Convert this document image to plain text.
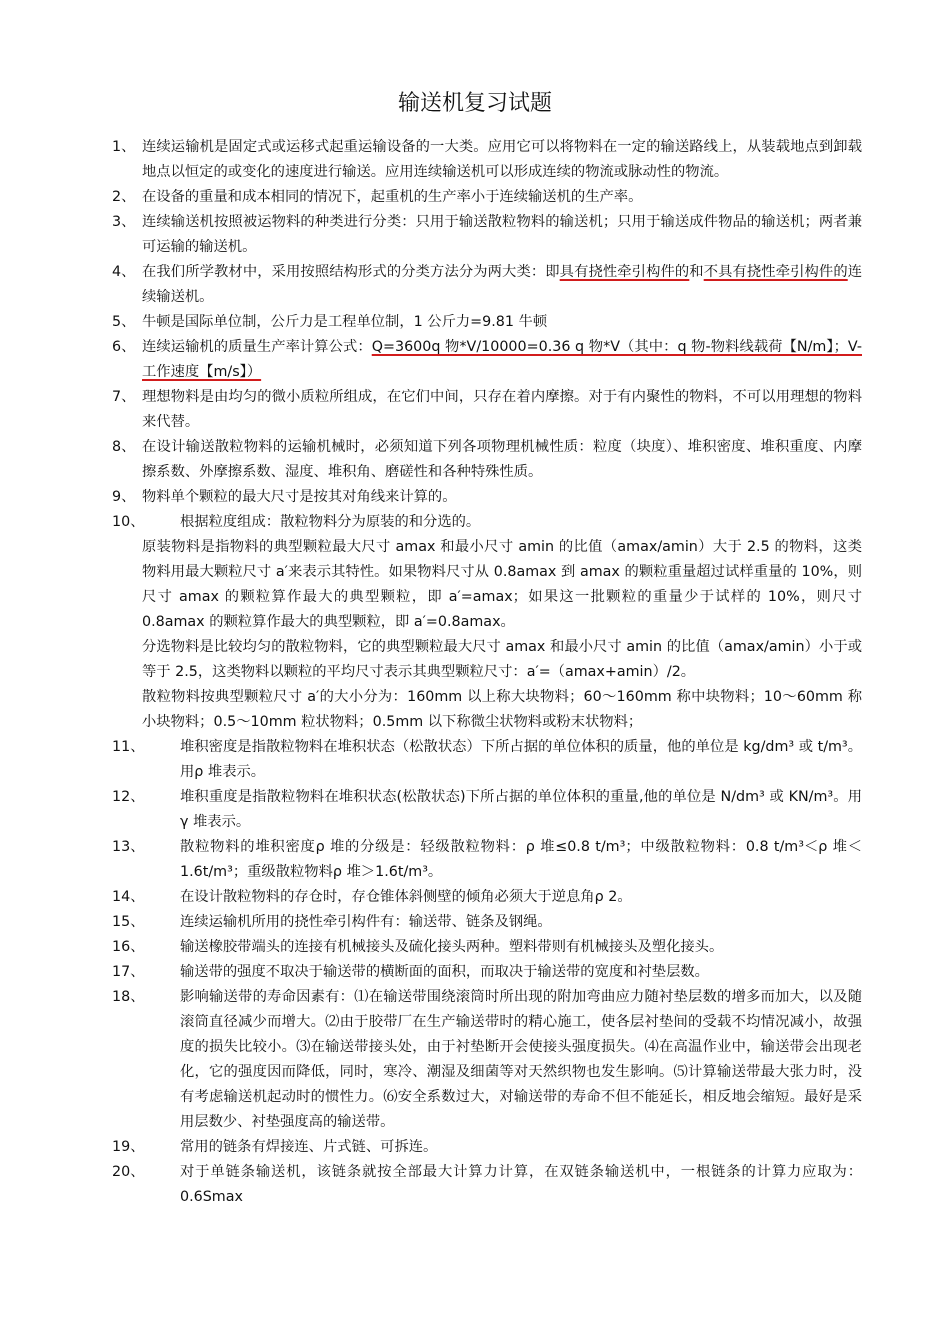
输送机复习试题
1、 连续运输机是固定式或运移式起重运输设备的一大类。应用它可以将物料在一定的输送路线上，从装载地点到卸载地点以恒定的或变化的速度进行输送。应用连续输送机可以形成连续的物流或脉动性的物流。
2、 在设备的重量和成本相同的情况下，起重机的生产率小于连续输送机的生产率。
3、 连续输送机按照被运物料的种类进行分类：只用于输送散粒物料的输送机；只用于输送成件物品的输送机；两者兼可运输的输送机。
4、 在我们所学教材中，采用按照结构形式的分类方法分为两大类：即具有挠性牵引构件的和不具有挠性牵引构件的连续输送机。
5、 牛顿是国际单位制，公斤力是工程单位制，1 公斤力=9.81 牛顿
6、 连续运输机的质量生产率计算公式：Q=3600q 物*V/10000=0.36 q 物*V（其中：q 物-物料线载荷【N/m】；V-工作速度【m/s】）
7、 理想物料是由均匀的微小质粒所组成，在它们中间，只存在着内摩擦。对于有内聚性的物料，不可以用理想的物料来代替。
8、 在设计输送散粒物料的运输机械时，必须知道下列各项物理机械性质：粒度（块度）、堆积密度、堆积重度、内摩擦系数、外摩擦系数、湿度、堆积角、磨磋性和各种特殊性质。
9、 物料单个颗粒的最大尺寸是按其对角线来计算的。
10、	根据粒度组成：散粒物料分为原装的和分选的。
原装物料是指物料的典型颗粒最大尺寸 amax 和最小尺寸 amin 的比值（amax/amin）大于 2.5 的物料，这类物料用最大颗粒尺寸 a′来表示其特性。如果物料尺寸从 0.8amax 到 amax 的颗粒重量超过试样重量的 10%，则尺寸 amax 的颗粒算作最大的典型颗粒，即 a′=amax；如果这一批颗粒的重量少于试样的 10%，则尺寸 0.8amax 的颗粒算作最大的典型颗粒，即 a′=0.8amax。
分选物料是比较均匀的散粒物料，它的典型颗粒最大尺寸 amax 和最小尺寸 amin 的比值（amax/amin）小于或等于 2.5，这类物料以颗粒的平均尺寸表示其典型颗粒尺寸：a′=（amax+amin）/2。
散粒物料按典型颗粒尺寸 a′的大小分为：160mm 以上称大块物料；60～160mm 称中块物料；10～60mm 称小块物料；0.5～10mm 粒状物料；0.5mm 以下称微尘状物料或粉末状物料；
11、	堆积密度是指散粒物料在堆积状态（松散状态）下所占据的单位体积的质量，他的单位是 kg/dm³ 或 t/m³。用ρ 堆表示。
12、	堆积重度是指散粒物料在堆积状态(松散状态)下所占据的单位体积的重量,他的单位是 N/dm³ 或 KN/m³。用γ 堆表示。
13、	散粒物料的堆积密度ρ 堆的分级是：轻级散粒物料：ρ 堆≤0.8 t/m³；中级散粒物料：0.8 t/m³＜ρ 堆＜1.6t/m³；重级散粒物料ρ 堆＞1.6t/m³。
14、	在设计散粒物料的存仓时，存仓锥体斜侧壁的倾角必须大于逆息角ρ 2。
15、	连续运输机所用的挠性牵引构件有：输送带、链条及钢绳。
16、	输送橡胶带端头的连接有机械接头及硫化接头两种。塑料带则有机械接头及塑化接头。
17、	输送带的强度不取决于输送带的横断面的面积，而取决于输送带的宽度和衬垫层数。
18、	影响输送带的寿命因素有：⑴在输送带围绕滚筒时所出现的附加弯曲应力随衬垫层数的增多而加大，以及随滚筒直径减少而增大。⑵由于胶带厂在生产输送带时的精心施工，使各层衬垫间的受载不均情况减小，故强度的损失比较小。⑶在输送带接头处，由于衬垫断开会使接头强度损失。⑷在高温作业中，输送带会出现老化，它的强度因而降低，同时，寒冷、潮湿及细菌等对天然织物也发生影响。⑸计算输送带最大张力时，没有考虑输送机起动时的惯性力。⑹安全系数过大，对输送带的寿命不但不能延长，相反地会缩短。最好是采用层数少、衬垫强度高的输送带。
19、	常用的链条有焊接连、片式链、可拆连。
20、	对于单链条输送机，该链条就按全部最大计算力计算，在双链条输送机中，一根链条的计算力应取为：0.6Smax
